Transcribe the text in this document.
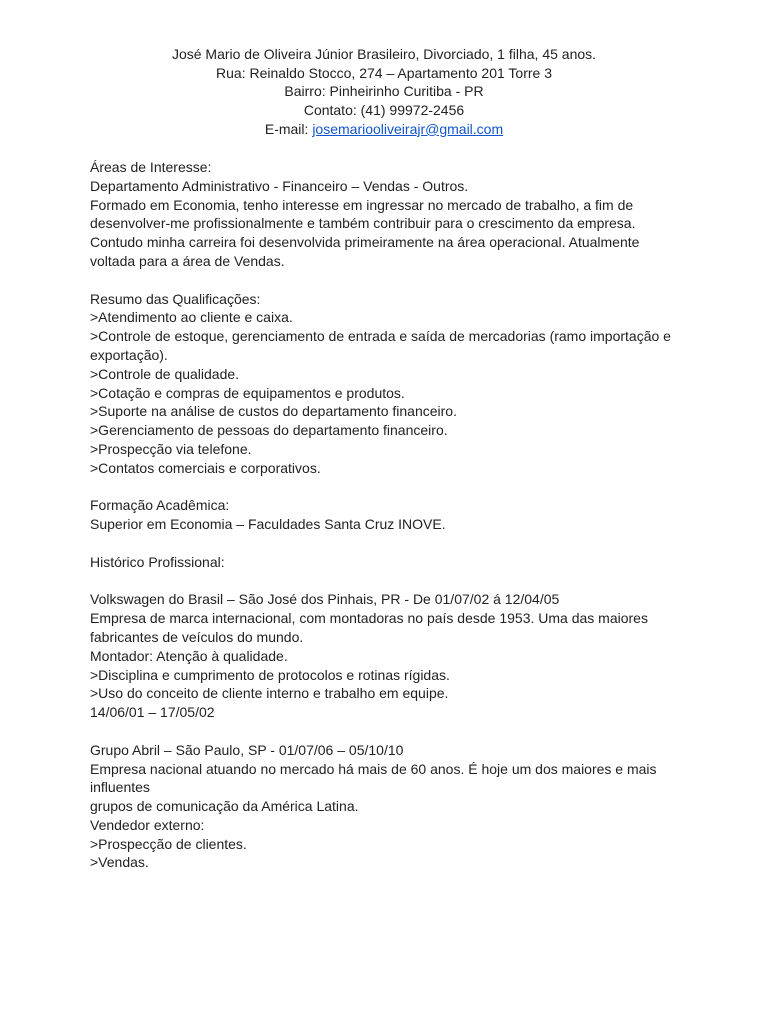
José Mario de Oliveira Júnior Brasileiro, Divorciado, 1 filha, 45 anos.
Rua: Reinaldo Stocco, 274 – Apartamento 201 Torre 3
Bairro: Pinheirinho Curitiba - PR
Contato: (41) 99972-2456
E-mail: josemariooliveirajr@gmail.com
Áreas de Interesse:
Departamento Administrativo - Financeiro – Vendas - Outros.
Formado em Economia, tenho interesse em ingressar no mercado de trabalho, a fim de
desenvolver-me profissionalmente e também contribuir para o crescimento da empresa.
Contudo minha carreira foi desenvolvida primeiramente na área operacional. Atualmente
voltada para a área de Vendas.
Resumo das Qualificações:
>Atendimento ao cliente e caixa.
>Controle de estoque, gerenciamento de entrada e saída de mercadorias (ramo importação e
exportação).
>Controle de qualidade.
>Cotação e compras de equipamentos e produtos.
>Suporte na análise de custos do departamento financeiro.
>Gerenciamento de pessoas do departamento financeiro.
>Prospecção via telefone.
>Contatos comerciais e corporativos.
Formação Acadêmica:
Superior em Economia – Faculdades Santa Cruz INOVE.
Histórico Profissional:
Volkswagen do Brasil – São José dos Pinhais, PR - De 01/07/02 á 12/04/05
Empresa de marca internacional, com montadoras no país desde 1953. Uma das maiores
fabricantes de veículos do mundo.
Montador: Atenção à qualidade.
>Disciplina e cumprimento de protocolos e rotinas rígidas.
>Uso do conceito de cliente interno e trabalho em equipe.
14/06/01 – 17/05/02
Grupo Abril – São Paulo, SP - 01/07/06 – 05/10/10
Empresa nacional atuando no mercado há mais de 60 anos. É hoje um dos maiores e mais
influentes
grupos de comunicação da América Latina.
Vendedor externo:
>Prospecção de clientes.
>Vendas.
